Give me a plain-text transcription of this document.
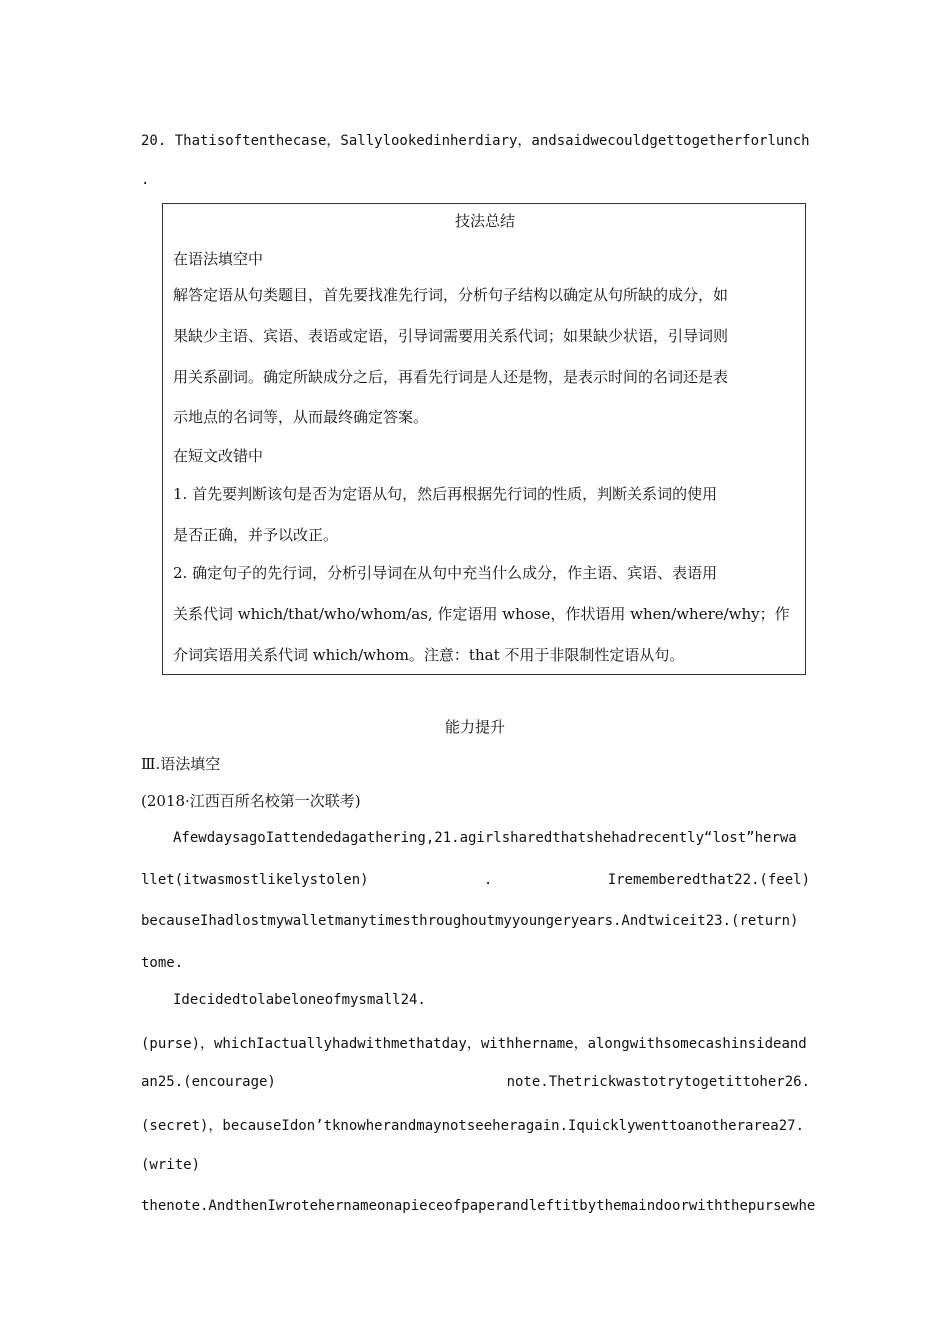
20. Thatisoftenthecase，Sallylookedinherdiary，andsaidwecouldgettogetherforlunch
.
技法总结
在语法填空中
解答定语从句类题目，首先要找准先行词，分析句子结构以确定从句所缺的成分，如
果缺少主语、宾语、表语或定语，引导词需要用关系代词；如果缺少状语，引导词则
用关系副词。确定所缺成分之后，再看先行词是人还是物，是表示时间的名词还是表
示地点的名词等，从而最终确定答案。
在短文改错中
1. 首先要判断该句是否为定语从句，然后再根据先行词的性质，判断关系词的使用
是否正确，并予以改正。
2. 确定句子的先行词，分析引导词在从句中充当什么成分，作主语、宾语、表语用
关系代词 which/that/who/whom/as, 作定语用 whose，作状语用 when/where/why；作
介词宾语用关系代词 which/whom。注意：that 不用于非限制性定语从句。
能力提升
Ⅲ.语法填空
(2018·江西百所名校第一次联考)
AfewdaysagoIattendedagathering,21.agirlsharedthatshehadrecently“lost”herwa
llet(itwasmostlikelystolen)	.	Irememberedthat22.(feel)
becauseIhadlostmywalletmanytimesthroughoutmyyoungeryears.Andtwiceit23.(return)
tome.
Idecidedtolabeloneofmysmall24.
(purse)，whichIactuallyhadwithmethatday，withhername，alongwithsomecashinsideand
an25.(encourage)	note.Thetrickwastotrytogetittoher26.
(secret)，becauseIdon’tknowherandmaynotseeheragain.Iquicklywenttoanotherarea27.
(write)
thenote.AndthenIwrotehernameonapieceofpaperandleftitbythemaindoorwiththepursewhe
